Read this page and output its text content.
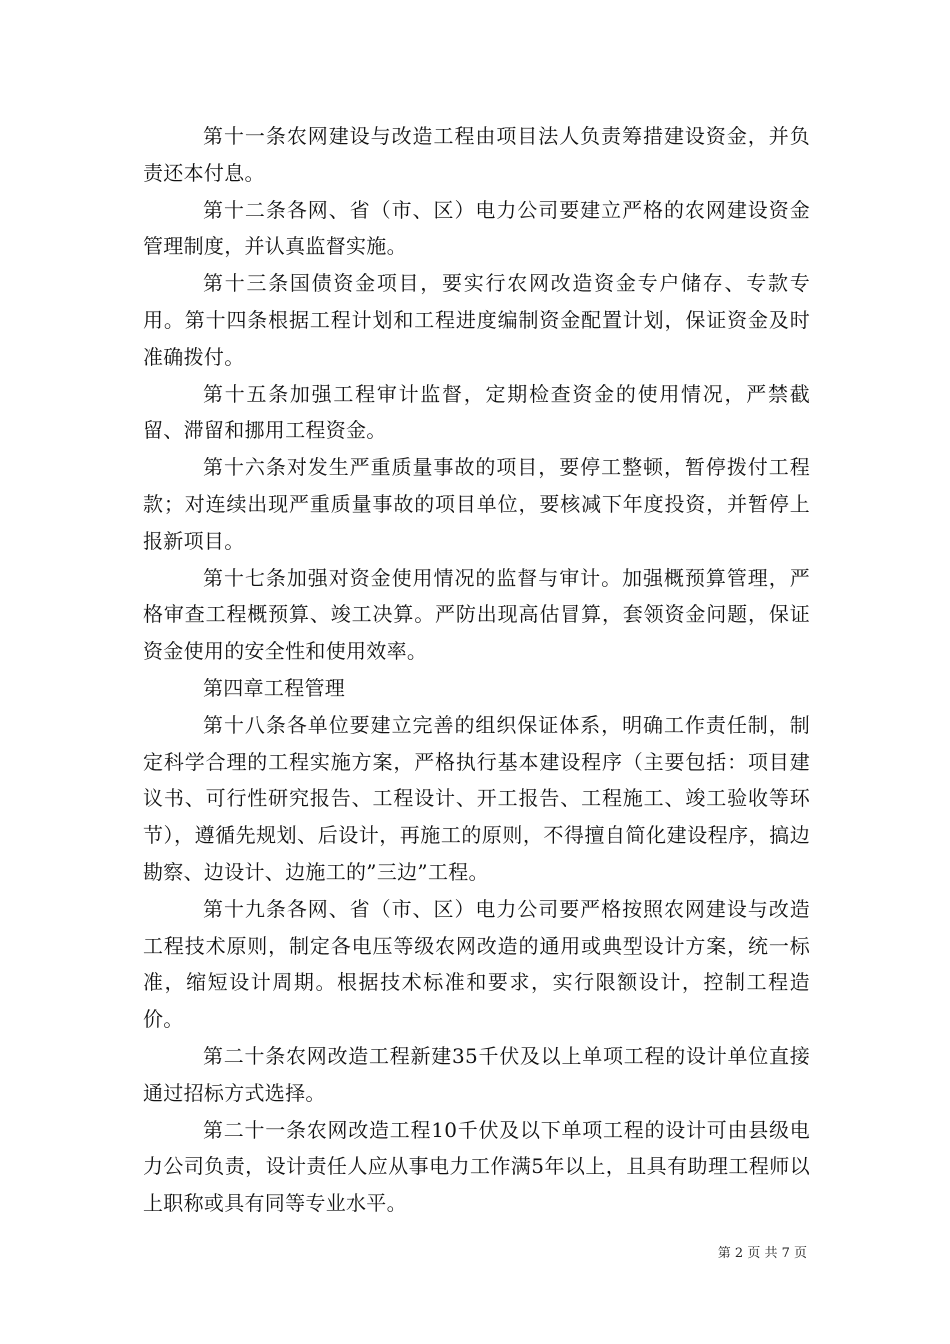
第十一条农网建设与改造工程由项目法人负责筹措建设资金，并负责还本付息。

第十二条各网、省（市、区）电力公司要建立严格的农网建设资金管理制度，并认真监督实施。

第十三条国债资金项目，要实行农网改造资金专户储存、专款专用。第十四条根据工程计划和工程进度编制资金配置计划，保证资金及时准确拨付。

第十五条加强工程审计监督，定期检查资金的使用情况，严禁截留、滞留和挪用工程资金。

第十六条对发生严重质量事故的项目，要停工整顿，暂停拨付工程款；对连续出现严重质量事故的项目单位，要核减下年度投资，并暂停上报新项目。

第十七条加强对资金使用情况的监督与审计。加强概预算管理，严格审查工程概预算、竣工决算。严防出现高估冒算，套领资金问题，保证资金使用的安全性和使用效率。

第四章工程管理

第十八条各单位要建立完善的组织保证体系，明确工作责任制，制定科学合理的工程实施方案，严格执行基本建设程序（主要包括：项目建议书、可行性研究报告、工程设计、开工报告、工程施工、竣工验收等环节），遵循先规划、后设计，再施工的原则，不得擅自简化建设程序，搞边勘察、边设计、边施工的”三边”工程。

第十九条各网、省（市、区）电力公司要严格按照农网建设与改造工程技术原则，制定各电压等级农网改造的通用或典型设计方案，统一标准，缩短设计周期。根据技术标准和要求，实行限额设计，控制工程造价。

第二十条农网改造工程新建35千伏及以上单项工程的设计单位直接通过招标方式选择。

第二十一条农网改造工程10千伏及以下单项工程的设计可由县级电力公司负责，设计责任人应从事电力工作满5年以上，且具有助理工程师以上职称或具有同等专业水平。

第 2 页 共 7 页
